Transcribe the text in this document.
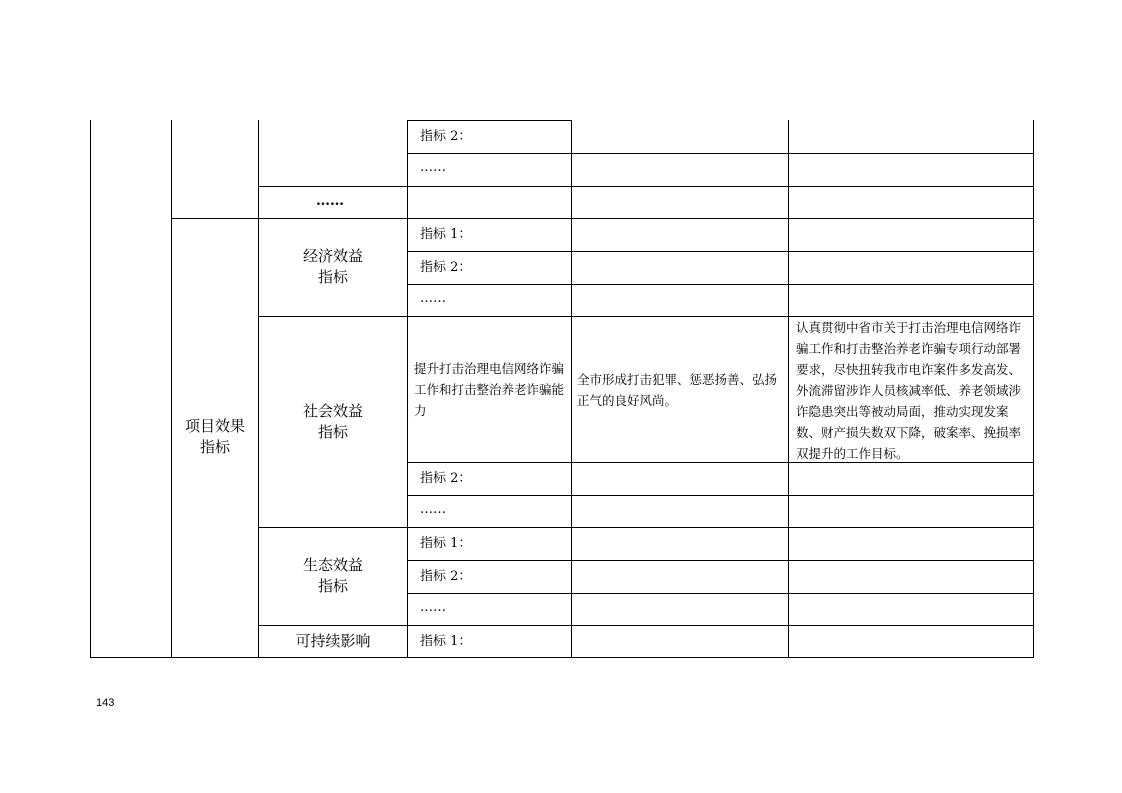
指标 2：
……
……
项目效果
指标
经济效益
指标
指标 1：
指标 2：
……
社会效益
指标
提升打击治理电信网络诈骗工作和打击整治养老诈骗能力
全市形成打击犯罪、惩恶扬善、弘扬正气的良好风尚。
认真贯彻中省市关于打击治理电信网络诈骗工作和打击整治养老诈骗专项行动部署要求，尽快扭转我市电诈案件多发高发、外流滞留涉诈人员核减率低、养老领域涉诈隐患突出等被动局面，推动实现发案数、财产损失数双下降，破案率、挽损率双提升的工作目标。
指标 2：
……
生态效益
指标
指标 1：
指标 2：
……
可持续影响	指标 1：
143
